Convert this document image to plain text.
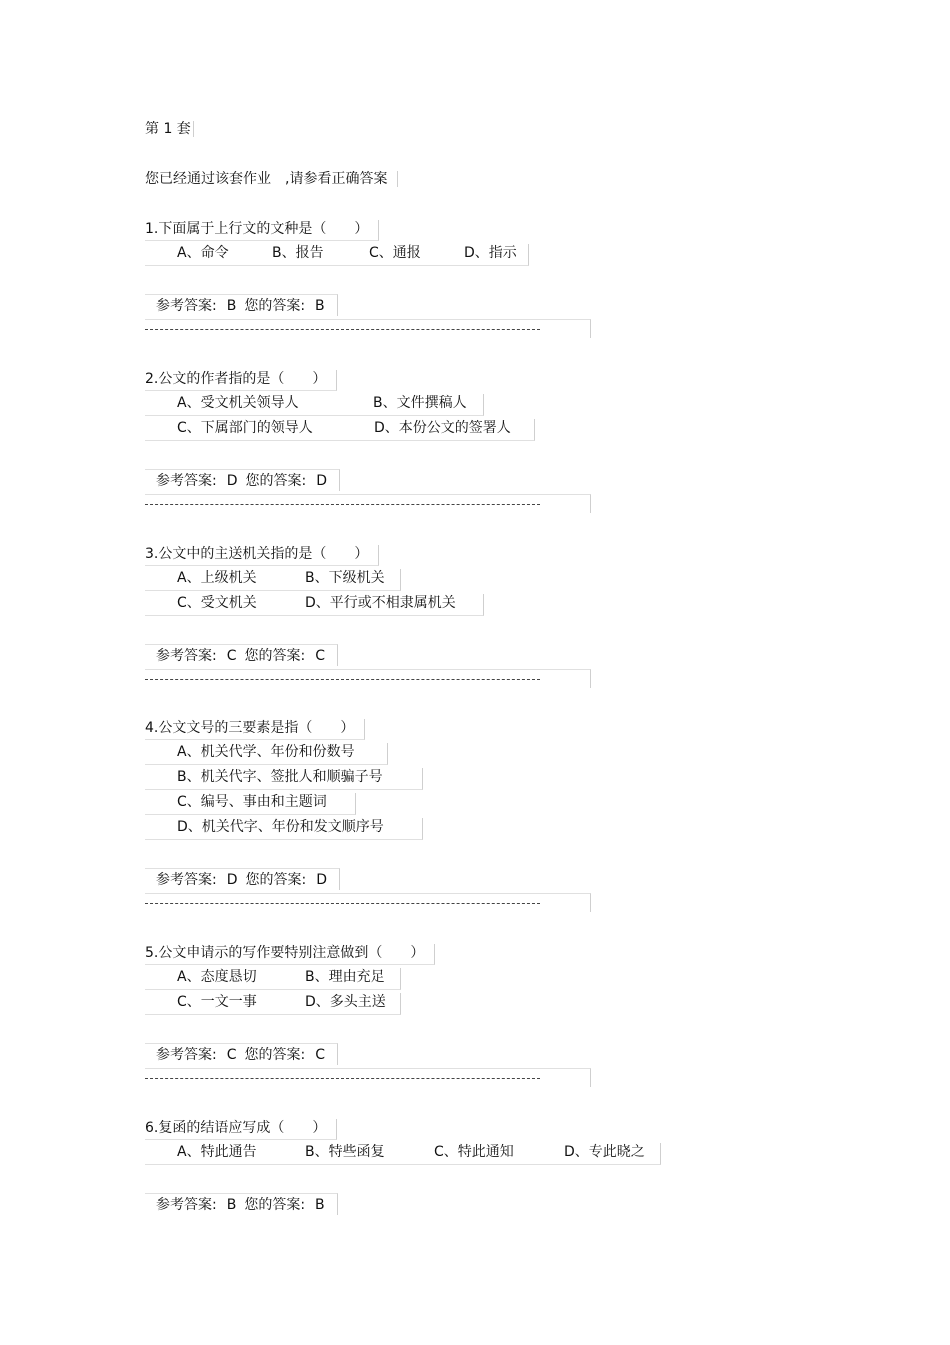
第 1 套
您已经通过该套作业　,请参看正确答案
1.下面属于上行文的文种是（　　）
A、命令	B、报告	C、通报	D、指示
参考答案: B 您的答案: B
2.公文的作者指的是（　　）
A、受文机关领导人	B、文件撰稿人
C、下属部门的领导人	D、本份公文的签署人
参考答案: D 您的答案: D
3.公文中的主送机关指的是（　　）
A、上级机关	B、下级机关
C、受文机关	D、平行或不相隶属机关
参考答案: C 您的答案: C
4.公文文号的三要素是指（　　）
A、机关代学、年份和份数号
B、机关代字、签批人和顺骗子号
C、编号、事由和主题词
D、机关代字、年份和发文顺序号
参考答案: D 您的答案: D
5.公文申请示的写作要特别注意做到（　　）
A、态度恳切	B、理由充足
C、一文一事	D、多头主送
参考答案: C 您的答案: C
6.复函的结语应写成（　　）
A、特此通告	B、特些函复	C、特此通知	D、专此晓之
参考答案: B 您的答案: B
